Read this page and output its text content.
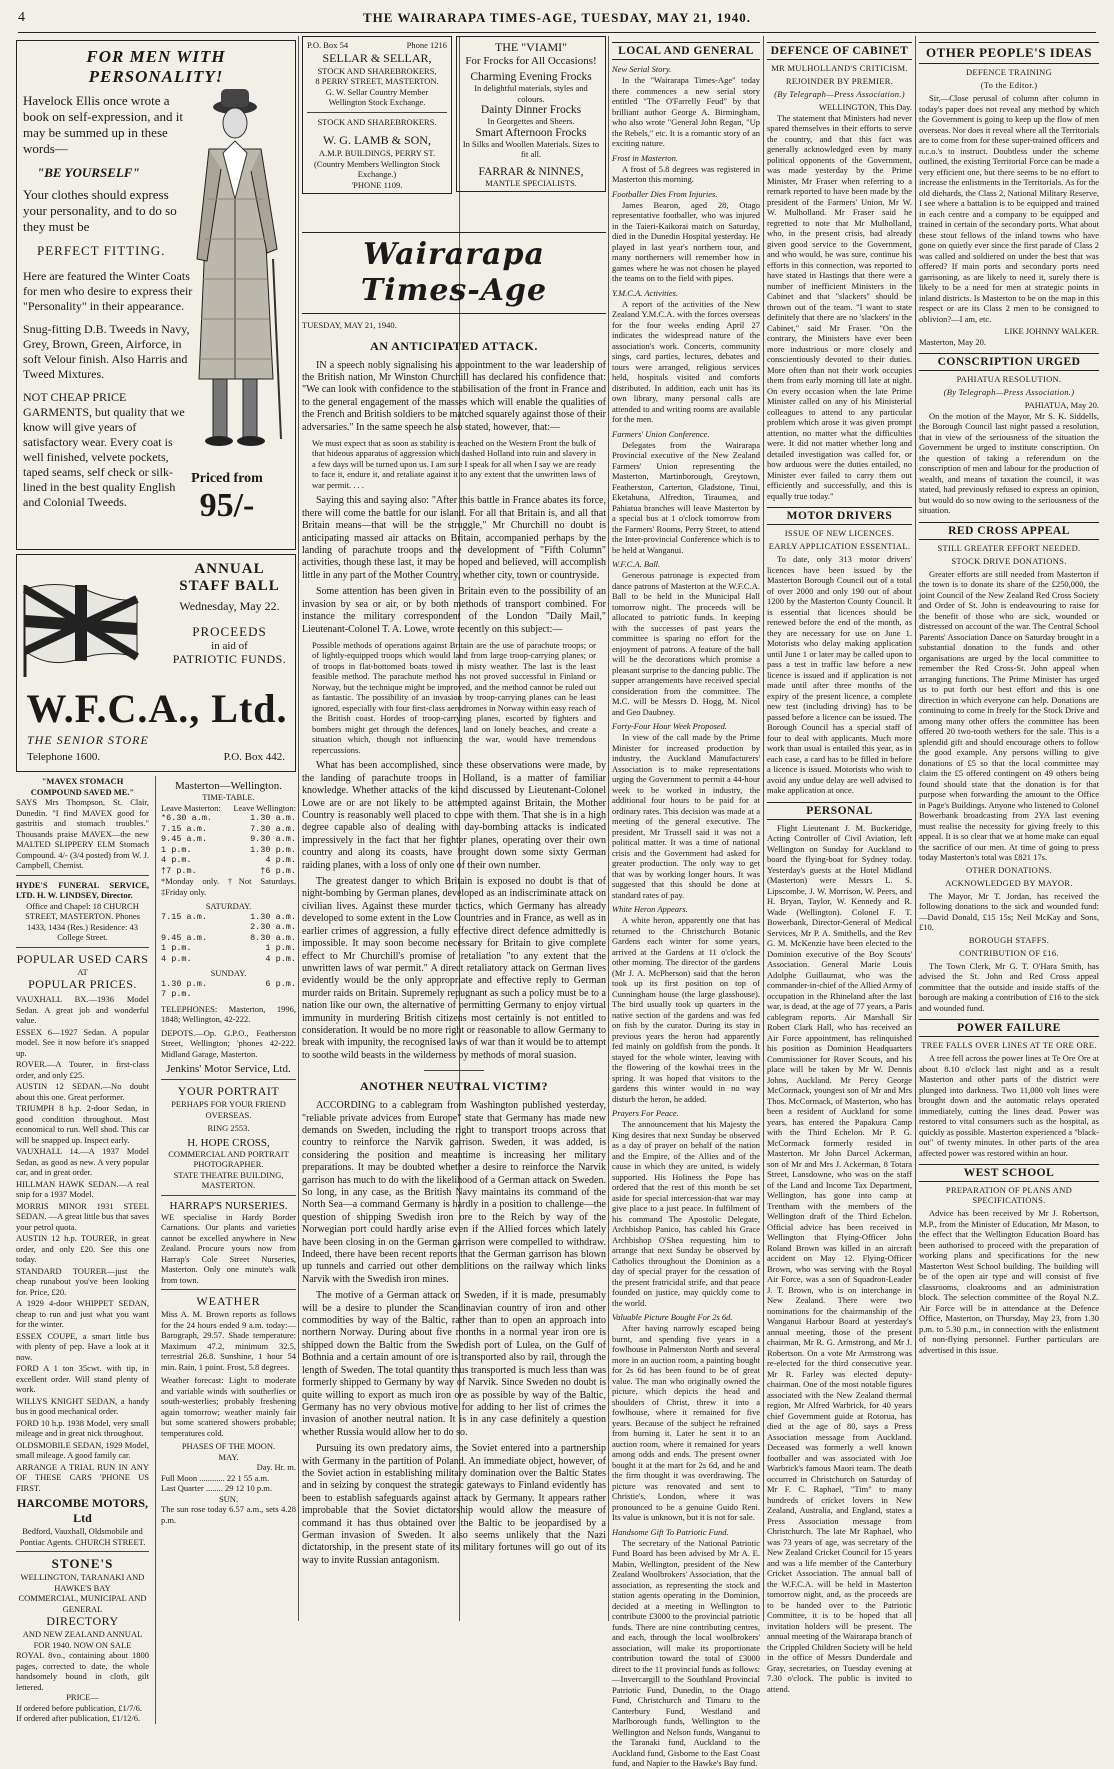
4	THE WAIRARAPA TIMES-AGE, TUESDAY, MAY 21, 1940.
FOR MEN WITH PERSONALITY!
Havelock Ellis once wrote a book on self-expression, and it may be summed up in these words—
"BE YOURSELF"
Your clothes should express your personality, and to do so they must be
PERFECT FITTING.
Here are featured the Winter Coats for men who desire to express their "Personality" in their appearance.
Snug-fitting D.B. Tweeds in Navy, Grey, Brown, Green, Airforce, in soft Velour finish. Also Harris and Tweed Mixtures.
NOT CHEAP PRICE GARMENTS, but quality that we know will give years of satisfactory wear. Every coat is well finished, velvete pockets, taped seams, self check or silk-lined in the best quality English and Colonial Tweeds.
Priced from
95/-
ANNUAL
STAFF BALL
Wednesday, May 22.
PROCEEDS
in aid of
PATRIOTIC FUNDS.
W.F.C.A., Ltd.
THE SENIOR STORE
Telephone 1600.	P.O. Box 442.
"MAVEX STOMACH COMPOUND SAVED ME."
SAYS Mrs Thompson, St. Clair, Dunedin. "I find MAVEX good for gastritis and stomach troubles." Thousands praise MAVEX—the new MALTED SLIPPERY ELM Stomach Compound. 4/- (3/4 posted) from W. J. Campbell, Chemist.
HYDE'S FUNERAL SERVICE, LTD. H. W. LINDSEY, Director.
Office and Chapel: 18 CHURCH STREET, MASTERTON. Phones 1433, 1434 (Res.) Residence: 43 College Street.
POPULAR USED CARS
AT
POPULAR PRICES.
VAUXHALL BX.—1936 Model Sedan. A great job and wonderful value.
ESSEX 6—1927 Sedan. A popular model. See it now before it's snapped up.
ROVER.—A Tourer, in first-class order, and only £25.
AUSTIN 12 SEDAN.—No doubt about this one. Great performer.
TRIUMPH 8 h.p. 2-door Sedan, in good condition throughout. Most economical to run. Well shod. This car will be snapped up. Inspect early.
VAUXHALL 14.—A 1937 Model Sedan, as good as new. A very popular car, and in great order.
HILLMAN HAWK SEDAN.—A real snip for a 1937 Model.
MORRIS MINOR 1931 STEEL SEDAN. —A great little bus that saves your petrol quota.
AUSTIN 12 h.p. TOURER, in great order, and only £20. See this one today.
STANDARD TOURER—just the cheap runabout you've been looking for. Price, £20.
A 1929 4-door WHIPPET SEDAN, cheap to run and just what you want for the winter.
ESSEX COUPE, a smart little bus with plenty of pep. Have a look at it now.
FORD A 1 ton 35cwt. with tip, in excellent order. Will stand plenty of work.
WILLYS KNIGHT SEDAN, a handy bus in good mechanical order.
FORD 10 h.p. 1938 Model, very small mileage and in great nick throughout.
OLDSMOBILE SEDAN, 1929 Model, small mileage. A good family car.
ARRANGE A TRIAL RUN IN ANY OF THESE CARS 'PHONE US FIRST.
HARCOMBE MOTORS, Ltd
Bedford, Vauxhall, Oldsmobile and Pontiac Agents. CHURCH STREET.
STONE'S
WELLINGTON, TARANAKI AND HAWKE'S BAY
COMMERCIAL, MUNICIPAL AND GENERAL
DIRECTORY
AND NEW ZEALAND ANNUAL FOR 1940. NOW ON SALE
ROYAL 8vo., containing about 1800 pages, corrected to date, the whole handsomely bound in cloth, gilt lettered.
PRICE—
If ordered before publication, £1/7/6.
If ordered after publication, £1/12/6.
Masterton—Wellington.
TIME-TABLE.
Leave Masterton: Leave Wellington:
*6.30 a.m.	1.30 a.m.
7.15 a.m.	7.30 a.m.
9.45 a.m.	9.30 a.m.
1 p.m.	1.30 p.m.
4 p.m.	4 p.m.
†7 p.m.	†6 p.m.
*Monday only. †Not Saturdays. ‡Friday only.
SATURDAY.
7.15 a.m.	1.30 a.m.
2.30 a.m.
9.45 a.m.	8.30 a.m.
1 p.m.	1 p.m.
4 p.m.	4 p.m.
SUNDAY.
1.30 p.m.	6 p.m.
7 p.m.
TELEPHONES: Masterton, 1996, 1848; Wellington, 42-222.
DEPOTS.—Op. G.P.O., Featherston Street, Wellington; 'phones 42-222. Midland Garage, Masterton.
Jenkins' Motor Service, Ltd.
YOUR PORTRAIT
PERHAPS FOR YOUR FRIEND OVERSEAS.
RING 2553.
H. HOPE CROSS,
COMMERCIAL AND PORTRAIT PHOTOGRAPHER.
STATE THEATRE BUILDING, MASTERTON.
HARRAP'S NURSERIES.
WE specialise in Hardy Border Carnations. Our plants and varieties cannot be excelled anywhere in New Zealand. Procure yours now from Harrap's Cole Street Nurseries, Masterton. Only one minute's walk from town.
WEATHER
Miss A. M. Brown reports as follows for the 24 hours ended 9 a.m. today:—Barograph, 29.57. Shade temperature: Maximum 47.2, minimum 32.5, terrestrial 26.8. Sunshine, 1 hour 54 min. Rain, 1 point. Frost, 5.8 degrees.
Weather forecast: Light to moderate and variable winds with southerlies or south-westerlies; probably freshening again tomorrow; weather mainly fair but some scattered showers probable; temperatures cold.
PHASES OF THE MOON.
MAY.
Day. Hr. m.
Full Moon ............ 22 1 55 a.m.
Last Quarter ........ 29 12 10 p.m.
SUN.
The sun rose today 6.57 a.m., sets 4.28 p.m.
P.O. Box 54	Phone 1216
SELLAR & SELLAR,
STOCK AND SHAREBROKERS,
8 PERRY STREET, MASTERTON.
G. W. Sellar Country Member Wellington Stock Exchange.
STOCK AND SHAREBROKERS.
W. G. LAMB & SON,
A.M.P. BUILDINGS, PERRY ST.
(Country Members Wellington Stock Exchange.)
'PHONE 1109.
THE "VIAMI"
For Frocks for All Occasions!
Charming Evening Frocks
In delightful materials, styles and colours.
Dainty Dinner Frocks
In Georgettes and Sheers.
Smart Afternoon Frocks
In Silks and Woollen Materials. Sizes to fit all.
FARRAR & NINNES,
MANTLE SPECIALISTS.
Wairarapa Times-Age
TUESDAY, MAY 21, 1940.
AN ANTICIPATED ATTACK.
IN a speech nobly signalising his appointment to the war leadership of the British nation, Mr Winston Churchill has declared his confidence that: "We can look with confidence to the stabilisation of the front in France and to the general engagement of the masses which will enable the qualities of the French and British soldiers to be matched squarely against those of their adversaries." In the same speech he also stated, however, that:—
We must expect that as soon as stability is reached on the Western Front the bulk of that hideous apparatus of aggression which dashed Holland into ruin and slavery in a few days will be turned upon us. I am sure I speak for all when I say we are ready to face it, endure it, and retaliate against it to any extent that the unwritten laws of war permit. . . .
Saying this and saying also: "After this battle in France abates its force, there will come the battle for our island. For all that Britain is, and all that Britain means—that will be the struggle," Mr Churchill no doubt is anticipating massed air attacks on Britain, accompanied perhaps by the landing of parachute troops and the development of "Fifth Column" activities, though these last, it may be hoped and believed, will accomplish little in any part of the Mother Country, whether city, town or countryside.
Some attention has been given in Britain even to the possibility of an invasion by sea or air, or by both methods of transport combined. For instance the military correspondent of the London "Daily Mail," Lieutenant-Colonel T. A. Lowe, wrote recently on this subject:—
Possible methods of operations against Britain are the use of parachute troops; or of lightly-equipped troops which would land from large troop-carrying planes; or of troops in flat-bottomed boats towed in misty weather. The last is the least feasible method. The parachute method has not proved successful in Finland or Norway, but the technique might be improved, and the method cannot be ruled out as fantastic. The possibility of an invasion by troop-carrying planes can be least ignored, especially with four first-class aerodromes in Norway within easy reach of the British coast. Hordes of troop-carrying planes, escorted by fighters and bombers might get through the defences, land on lonely beaches, and create a situation which, though not influencing the war, would have tremendous repercussions.
What has been accomplished, since these observations were made, by the landing of parachute troops in Holland, is a matter of familiar knowledge. Whether attacks of the kind discussed by Lieutenant-Colonel Lowe are or are not likely to be attempted against Britain, the Mother Country is reasonably well placed to cope with them. That she is in a high degree capable also of dealing with day-bombing attacks is indicated impressively in the fact that her fighter planes, operating over their own country and along its coasts, have brought down some sixty German raiding planes, with a loss of only one of their own number.
The greatest danger to which Britain is exposed no doubt is that of night-bombing by German planes, developed as an indiscriminate attack on civilian lives. Against these murder tactics, which Germany has already developed to some extent in the Low Countries and in France, as well as in earlier crimes of aggression, a fully effective direct defence admittedly is impossible. It may soon become necessary for Britain to give complete effect to Mr Churchill's promise of retaliation "to any extent that the unwritten laws of war permit." A direct retaliatory attack on German lives evidently would be the only appropriate and effective reply to German murder raids on Britain. Supremely repugnant as such a policy must be to a nation like our own, the alternative of permitting Germany to enjoy virtual immunity in murdering British citizens most certainly is not entitled to consideration. It would be no more right or reasonable to allow Germany to break with impunity, the recognised laws of war than it would be to attempt to soothe wild beasts in the wilderness by methods of moral suasion.
ANOTHER NEUTRAL VICTIM?
ACCORDING to a cablegram from Washington published yesterday, "reliable private advices from Europe" state that Germany has made new demands on Sweden, including the right to transport troops across that country to reinforce the Narvik garrison. Sweden, it was added, is considering the position and meantime is increasing her military preparations. It may be doubted whether a desire to reinforce the Narvik garrison has much to do with the likelihood of a German attack on Sweden. So long, in any case, as the British Navy maintains its command of the North Sea—a command Germany is hardly in a position to challenge—the question of shipping Swedish iron ore to the Reich by way of the Norwegian port could hardly arise even if the Allied forces which lately have been closing in on the German garrison were compelled to withdraw. Indeed, there have been recent reports that the German garrison has blown up tunnels and carried out other demolitions on the railway which links Narvik with the Swedish iron mines.
The motive of a German attack on Sweden, if it is made, presumably will be a desire to plunder the Scandinavian country of iron and other commodities by way of the Baltic, rather than to open an approach into northern Norway. During about five months in a normal year iron ore is shipped down the Baltic from the Swedish port of Lulea, on the Gulf of Bothnia and a certain amount of ore is transported also by rail, through the length of Sweden. The total quantity thus transported is much less than was formerly shipped to Germany by way of Narvik. Since Sweden no doubt is quite willing to export as much iron ore as possible by way of the Baltic, Germany has no very obvious motive for adding to her list of crimes the invasion of another neutral nation. It is in any case definitely a question whether Russia would allow her to do so.
Pursuing its own predatory aims, the Soviet entered into a partnership with Germany in the partition of Poland. An immediate object, however, of the Soviet action in establishing military domination over the Baltic States and in seizing by conquest the strategic gateways to Finland evidently has been to establish safeguards against attack by Germany. It appears rather improbable that the Soviet dictatorship would allow the measure of command it has thus obtained over the Baltic to be jeopardised by a German invasion of Sweden. It also seems unlikely that the Nazi dictatorship, in the present state of its military fortunes will go out of its way to invite Russian antagonism.
LOCAL AND GENERAL
New Serial Story.
In the "Wairarapa Times-Age" today there commences a new serial story entitled "The O'Farrelly Feud" by that brilliant author George A. Birmingham, who also wrote "General John Regan, "Up the Rebels," etc. It is a romantic story of an exciting nature.
Frost in Masterton.
A frost of 5.8 degrees was registered in Masterton this morning.
Footballer Dies From Injuries.
James Bearon, aged 28, Otago representative footballer, who was injured in the Taieri-Kaikorai match on Saturday, died in the Dunedin Hospital yesterday. He played in last year's northern tour, and many northerners will remember how in games where he was not chosen he played the teams on to the field with pipes.
Y.M.C.A. Activities.
A report of the activities of the New Zealand Y.M.C.A. with the forces overseas for the four weeks ending April 27 indicates the widespread nature of the association's work. Concerts, community sings, card parties, lectures, debates and tours were arranged, religious services held, hospitals visited and comforts distributed. In addition, each unit has its own library, many personal calls are attended to and writing rooms are available for the men.
Farmers' Union Conference.
Delegates from the Wairarapa Provincial executive of the New Zealand Farmers' Union representing the Masterton, Martinborough, Greytown, Featherston, Carterton, Gladstone, Tinui, Eketahuna, Alfredton, Tiraumea, and Pahiatua branches will leave Masterton by a special bus at 1 o'clock tomorrow from the Farmers' Rooms, Perry Street, to attend the Inter-provincial Conference which is to be held at Wanganui.
W.F.C.A. Ball.
Generous patronage is expected from dance patrons of Masterton at the W.F.C.A. Ball to be held in the Municipal Hall tomorrow night. The proceeds will be allocated to patriotic funds. In keeping with the successes of past years the committee is sparing no effort for the enjoyment of patrons. A feature of the ball will be the decorations which promise a pleasant surprise to the dancing public. The supper arrangements have received special consideration from the committee. The M.C. will be Messrs D. Hogg, M. Nicol and Geo Daubney.
Forty-Four Hour Week Proposed.
In view of the call made by the Prime Minister for increased production by industry, the Auckland Manufacturers' Association is to make representations urging the Government to permit a 44-hour week to be worked in industry, the additional four hours to be paid for at ordinary rates. This decision was made at a meeting of the general executive. The president, Mr Trussell said it was not a political matter. It was a time of national crisis and the Government had asked for greater production. The only way to get that was by working longer hours. It was suggested that this should be done at standard rates of pay.
White Heron Appears.
A white heron, apparently one that has returned to the Christchurch Botanic Gardens each winter for some years, arrived at the Gardens at 11 o'clock the other morning. The director of the gardens (Mr J. A. McPherson) said that the heron took up its first position on top of Cunningham house (the large glasshouse). The bird usually took up quarters in the native section of the gardens and was fed on fish by the curator. During its stay in previous years the heron had apparently fed mainly on goldfish from the ponds. It stayed for the whole winter, leaving with the flowering of the kowhai trees in the spring. It was hoped that visitors to the gardens this winter would in no way disturb the heron, he added.
Prayers For Peace.
The announcement that his Majesty the King desires that next Sunday be observed as a day of prayer on behalf of the nation and the Empire, of the Allies and of the cause in which they are united, is widely supported. His Holiness the Pope has ordered that the rest of this month be set aside for special intercession-that war may give place to a just peace. In fulfilment of his command The Apostolic Delegate, Archbishop Panico, has cabled his Grace Archbishop O'Shea requesting him to arrange that next Sunday be observed by Catholics throughout the Dominion as a day of special prayer for the cessation of the present fratricidal strife, and that peace founded on justice, may quickly come to the world.
Valuable Picture Bought For 2s 6d.
After having narrowly escaped being burnt, and spending five years in a fowlhouse in Palmerston North and several more in an auction room, a painting bought for 2s 6d has been found to be of great value. The man who originally owned the picture, which depicts the head and shoulders of Christ, threw it into a fowlhouse, where it remained for five years. Because of the subject he refrained from burning it. Later he sent it to an auction room, where it remained for years among odds and ends. The present owner bought it at the mart for 2s 6d, and he and the firm thought it was overdrawing. The picture was renovated and sent to Christie's, London, where it was pronounced to be a genuine Guido Reni. Its value is unknown, but it is not for sale.
Handsome Gift To Patriotic Fund.
The secretary of the National Patriotic Fund Board has been advised by Mr A. E. Mabin, Wellington, president of the New Zealand Woolbrokers' Association, that the association, as representing the stock and station agents operating in the Dominion, decided at a meeting in Wellington to contribute £3000 to the provincial patriotic funds. There are nine contributing centres, and each, through the local woolbrokers' association, will make its proportionate contribution toward the total of £3000 direct to the 11 provincial funds as follows:—Invercargill to the Southland Provincial Patriotic Fund, Dunedin, to the Otago Fund, Christchurch and Timaru to the Canterbury Fund, Westland and Marlborough funds, Wellington to the Wellington and Nelson funds, Wanganui to the Taranaki fund, Auckland to the Auckland fund, Gisborne to the East Coast fund, and Napier to the Hawke's Bay fund.
DEFENCE OF CABINET
MR MULHOLLAND'S CRITICISM.
REJOINDER BY PREMIER.
(By Telegraph—Press Association.)
WELLINGTON, This Day.
The statement that Ministers had never spared themselves in their efforts to serve the country, and that this fact was generally acknowledged even by many political opponents of the Government, was made yesterday by the Prime Minister, Mr Fraser when referring to a remark reported to have been made by the president of the Farmers' Union, Mr W. W. Mulholland. Mr Fraser said he regretted to note that Mr Mulholland, who, in the present crisis, had already given good service to the Government, and who would, he was sure, continue his efforts in this connection, was reported to have stated in Hastings that there were a number of inefficient Ministers in the Cabinet and that "slackers" should be thrown out of the team. "I want to state definitely that there are no 'slackers' in the Cabinet," said Mr Fraser. "On the contrary, the Ministers have ever been more industrious or more closely and conscientiously devoted to their duties. More often than not their work occupies them from early morning till late at night. On every occasion when the late Prime Minister called on any of his Ministerial colleagues to attend to any particular problem which arose it was given prompt attention, no matter what the difficulties were. It did not matter whether long and detailed investigation was called for, or how arduous were the duties entailed, no Minister ever failed to carry them out efficiently and successfully, and this is equally true today."
MOTOR DRIVERS
ISSUE OF NEW LICENCES.
EARLY APPLICATION ESSENTIAL.
To date, only 313 motor drivers' licences have been issued by the Masterton Borough Council out of a total of over 2000 and only 190 out of about 1200 by the Masterton County Council. It is essential that licences should be renewed before the end of the month, as they are necessary for use on June 1. Motorists who delay making application until June 1 or later may be called upon to pass a test in traffic law before a new licence is issued and if application is not made until after three months of the expiry of the present licence, a complete new test (including driving) has to be passed before a licence can be issued. The Borough Council has a special staff of four to deal with applicants. Much more work than usual is entailed this year, as in each case, a card has to be filled in before a licence is issued. Motorists who wish to avoid any undue delay are well advised to make application at once.
PERSONAL
Flight Lieutenant J. M. Buckeridge, Acting Controller of Civil Aviation, left Wellington on Sunday for Auckland to board the flying-boat for Sydney today. Yesterday's guests at the Hotel Midland (Masterton) were Messrs L. S. Lipscombe, J. W. Morrison, W. Peers, and H. Bryan, Taylor, W. Kennedy and R. Wade (Wellington). Colonel F. T. Bowerbank, Director-General of Medical Services, Mr P. A. Smithells, and the Rev G. M. McKenzie have been elected to the Dominion executive of the Boy Scouts' Association. General Marie Louis Adolphe Guillaumat, who was the commander-in-chief of the Allied Army of occupation in the Rhineland after the last war, is dead, at the age of 77 years, a Paris cablegram reports. Air Marshall Sir Robert Clark Hall, who has received an Air Force appointment, has relinquished his position as Dominion Headquarters Commissioner for Rover Scouts, and his place will be taken by Mr W. Dennis Johns, Auckland. Mr Percy George McCormack, youngest son of Mr and Mrs Thos. McCormack, of Masterton, who has been a resident of Auckland for some years, has entered the Papakura Camp with the Third Echelon. Mr P. G. McCormack formerly resided in Masterton. Mr John Darcel Ackerman, son of Mr and Mrs J. Ackerman, 8 Totara Street, Lansdowne, who was on the staff of the Land and Income Tax Department, Wellington, has gone into camp at Trentham with the members of the Wellington draft of the Third Echelon. Official advice has been received in Wellington that Flying-Officer John Roland Brown was killed in an aircraft accident on May 12. Flying-Officer Brown, who was serving with the Royal Air Force, was a son of Squadron-Leader J. T. Brown, who is on interchange in New Zealand. There were two nominations for the chairmanship of the Wanganui Harbour Board at yesterday's annual meeting, those of the present chairman, Mr R. G. Armstrong, and Mr J. Robertson. On a vote Mr Armstrong was re-elected for the third consecutive year. Mr R. Farley was elected deputy-chairman. One of the most notable figures associated with the New Zealand thermal region, Mr Alfred Warbrick, for 40 years chief Government guide at Rotorua, has died at the age of 80, says a Press Association message from Auckland. Deceased was formerly a well known footballer and was associated with Joe Warbrick's famous Maori team. The death occurred in Christchurch on Saturday of Mr F. C. Raphael, "Tim" to many hundreds of cricket lovers in New Zealand, Australia, and England, states a Press Association message from Christchurch. The late Mr Raphael, who was 73 years of age, was secretary of the New Zealand Cricket Council for 15 years and was a life member of the Canterbury Cricket Association. The annual ball of the W.F.C.A. will be held in Masterton tomorrow night, and, as the proceeds are to be handed over to the Patriotic Committee, it is to be hoped that all invitation holders will be present. The annual meeting of the Wairarapa branch of the Crippled Children Society will be held in the office of Messrs Dunderdale and Gray, secretaries, on Tuesday evening at 7.30 o'clock. The public is invited to attend.
OTHER PEOPLE'S IDEAS
DEFENCE TRAINING
(To the Editor.)
Sir,—Close perusal of column after column in today's paper does not reveal any method by which the Government is going to keep up the flow of men overseas. Nor does it reveal where all the Territorials are to come from for these super-trained officers and n.c.o.'s to instruct. Doubtless under the scheme outlined, the existing Territorial Force can be made a very efficient one, but there seems to be no effort to increase the enlistments in the Territorials. As for the old diehards, the Class 2, National Military Reserve, I see where a battalion is to be equipped and trained in each centre and a company to be equipped and trained in certain of the secondary ports. What about these stout fellows of the inland towns who have gone on quietly ever since the first parade of Class 2 was called and soldiered on under the best that was offered? If main ports and secondary ports need garrisoning, as are likely to need it, surely there is likely to be a need for men at strategic points in inland districts. Is Masterton to be on the map in this respect or are its Class 2 men to be consigned to oblivion?—I am, etc.
LIKE JOHNNY WALKER.
Masterton, May 20.
CONSCRIPTION URGED
PAHIATUA RESOLUTION.
(By Telegraph—Press Association.)
PAHIATUA, May 20.
On the motion of the Mayor, Mr S. K. Siddells, the Borough Council last night passed a resolution, that in view of the seriousness of the situation the Government be urged to institute conscription. On the question of taking a referendum on the conscription of men and labour for the production of wealth, and means of taxation the council, it was stated, had previously refused to express an opinion, but would do so now owing to the seriousness of the situation.
RED CROSS APPEAL
STILL GREATER EFFORT NEEDED.
STOCK DRIVE DONATIONS.
Greater efforts are still needed from Masterton if the town is to donate its share of the £250,000, the joint Council of the New Zealand Red Cross Society and Order of St. John is endeavouring to raise for the benefit of those who are sick, wounded or distressed on account of the war. The Central School Parents' Association Dance on Saturday brought in a substantial donation to the funds and other organisations are urged by the local committee to remember the Red Cross-St. John appeal when arranging functions. The Prime Minister has urged us to put forth our best effort and this is one direction in which everyone can help. Donations are continuing to come in freely for the Stock Drive and among many other offers the committee has been offered 20 two-tooth wethers for the sale. This is a splendid gift and should encourage others to follow the good example. Any persons willing to give donations of £5 so that the local committee may claim the £5 offered contingent on 49 others being found should state that the donation is for that purpose when forwarding the amount to the Office in Page's Buildings. Anyone who listened to Colonel Bowerbank broadcasting from 2YA last evening must realise the necessity for giving freely to this appeal. It is so clear that we at home make can equal the sacrifice of our men. At time of going to press today Masterton's total was £821 17s.
OTHER DONATIONS.
ACKNOWLEDGED BY MAYOR.
The Mayor, Mr T. Jordan, has received the following donations to the sick and wounded fund:—David Donald, £15 15s; Neil McKay and Sons, £10.
BOROUGH STAFFS.
CONTRIBUTION OF £16.
The Town Clerk, Mr G. T. O'Hara Smith, has advised the St. John and Red Cross appeal committee that the outside and inside staffs of the borough are making a contribution of £16 to the sick and wounded fund.
POWER FAILURE
TREE FALLS OVER LINES AT TE ORE ORE.
A tree fell across the power lines at Te Ore Ore at about 8.10 o'clock last night and as a result Masterton and other parts of the district were plunged into darkness. Two 11,000 volt lines were brought down and the automatic relays operated immediately, cutting the lines dead. Power was restored to vital consumers such as the hospital, as quickly as possible. Masterton experienced a "black-out" of twenty minutes. In other parts of the area affected power was restored within an hour.
WEST SCHOOL
PREPARATION OF PLANS AND SPECIFICATIONS.
Advice has been received by Mr J. Robertson, M.P., from the Minister of Education, Mr Mason, to the effect that the Wellington Education Board has been authorised to proceed with the preparation of working plans and specifications for the new Masterton West School building. The building will be of the open air type and will consist of five classrooms, cloakrooms and an administration block. The selection committee of the Royal N.Z. Air Force will be in attendance at the Defence Office, Masterton, on Thursday, May 23, from 1.30 p.m. to 5.30 p.m., in connection with the enlistment of non-flying personnel. Further particulars are advertised in this issue.
